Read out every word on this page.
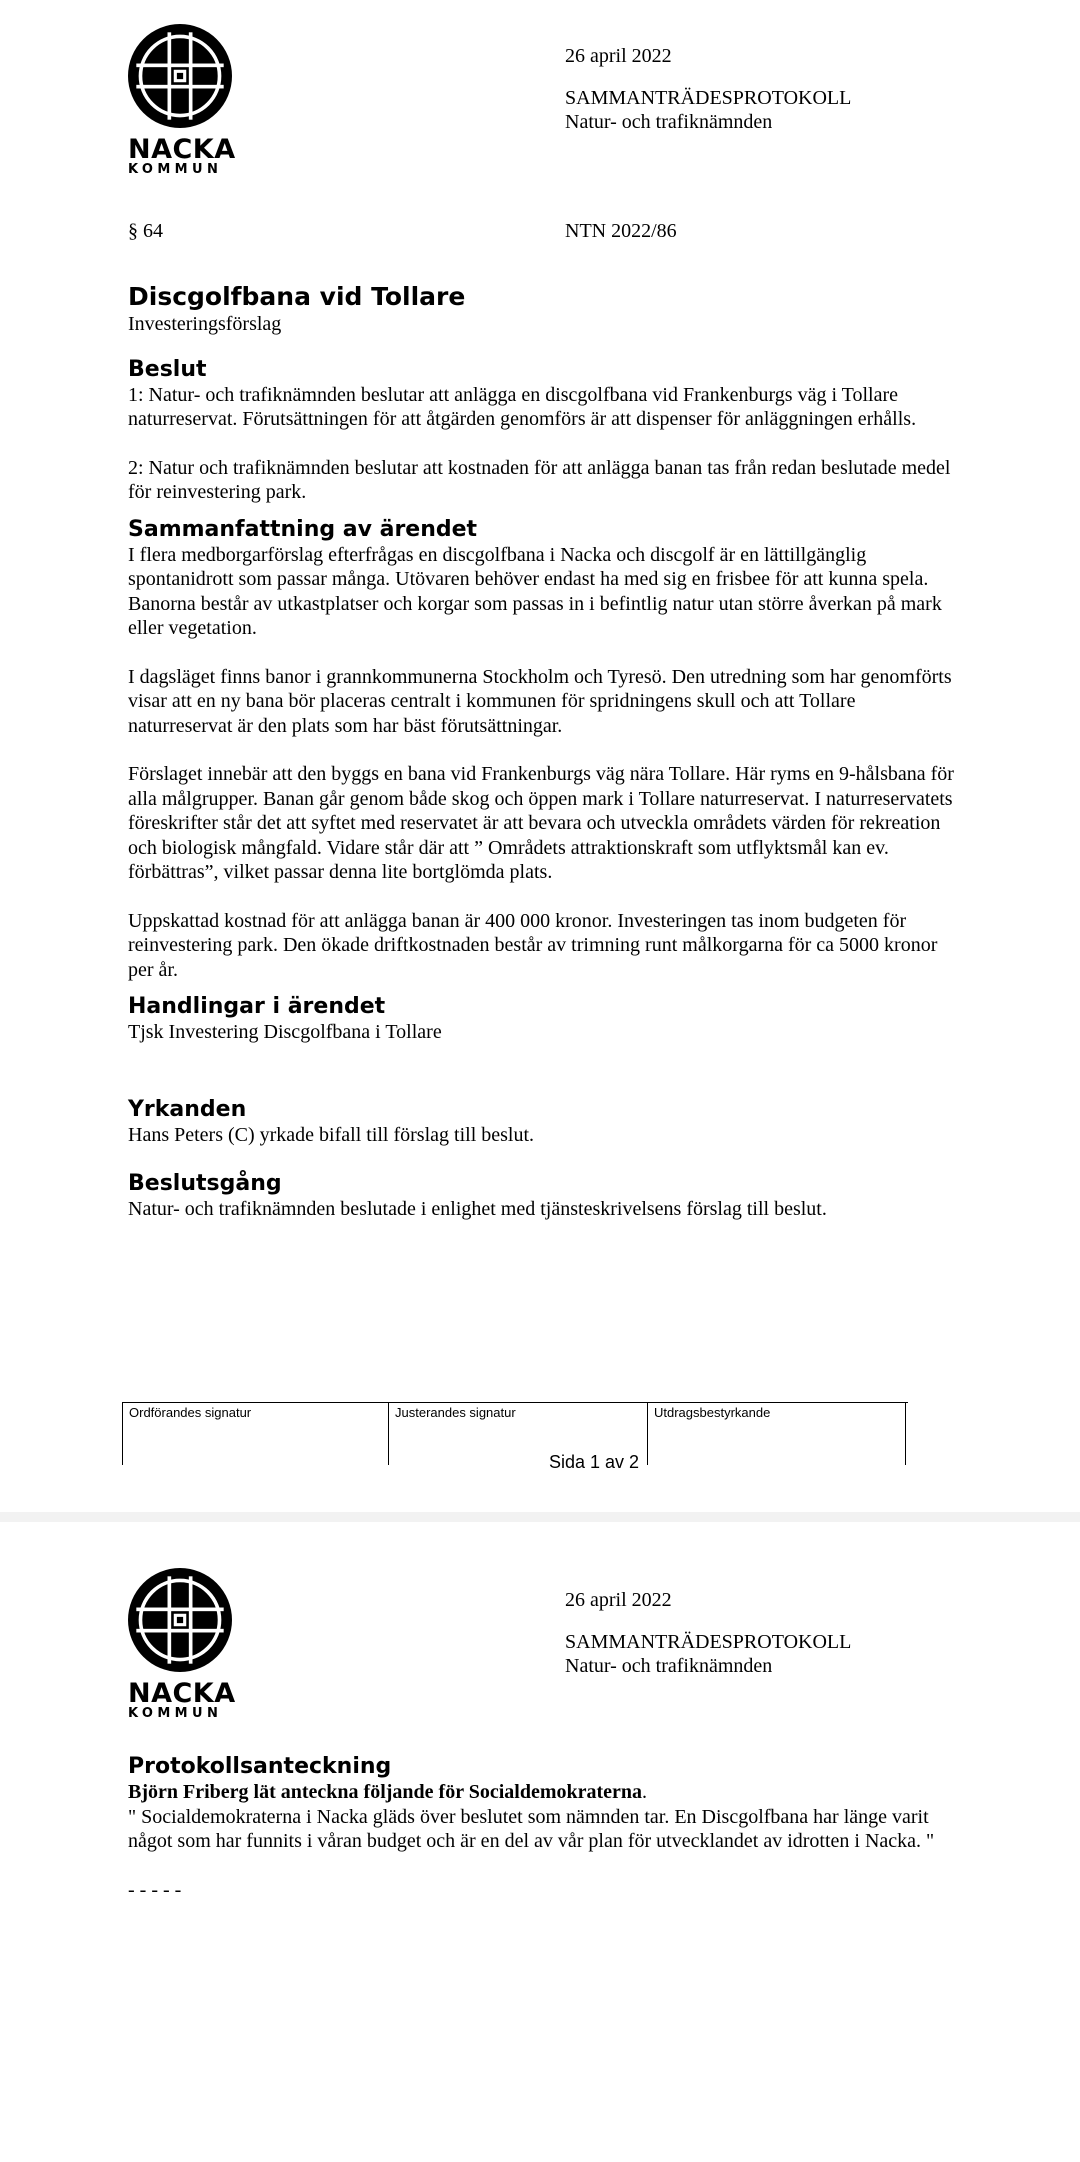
NACKA
KOMMUN
26 april 2022
SAMMANTRÄDESPROTOKOLL
Natur- och trafiknämnden
§ 64	NTN 2022/86
Discgolfbana vid Tollare

Investeringsförslag

Beslut

1: Natur- och trafiknämnden beslutar att anlägga en discgolfbana vid Frankenburgs väg i Tollare naturreservat. Förutsättningen för att åtgärden genomförs är att dispenser för anläggningen erhålls.

2: Natur och trafiknämnden beslutar att kostnaden för att anlägga banan tas från redan beslutade medel för reinvestering park.

Sammanfattning av ärendet

I flera medborgarförslag efterfrågas en discgolfbana i Nacka och discgolf är en lättillgänglig spontanidrott som passar många. Utövaren behöver endast ha med sig en frisbee för att kunna spela. Banorna består av utkastplatser och korgar som passas in i befintlig natur utan större åverkan på mark eller vegetation.

I dagsläget finns banor i grannkommunerna Stockholm och Tyresö. Den utredning som har genomförts visar att en ny bana bör placeras centralt i kommunen för spridningens skull och att Tollare naturreservat är den plats som har bäst förutsättningar.

Förslaget innebär att den byggs en bana vid Frankenburgs väg nära Tollare. Här ryms en 9-hålsbana för alla målgrupper. Banan går genom både skog och öppen mark i Tollare naturreservat. I naturreservatets föreskrifter står det att syftet med reservatet är att bevara och utveckla områdets värden för rekreation och biologisk mångfald. Vidare står där att ” Områdets attraktionskraft som utflyktsmål kan ev. förbättras”, vilket passar denna lite bortglömda plats.

Uppskattad kostnad för att anlägga banan är 400 000 kronor. Investeringen tas inom budgeten för reinvestering park. Den ökade driftkostnaden består av trimning runt målkorgarna för ca 5000 kronor per år.

Handlingar i ärendet

Tjsk Investering Discgolfbana i Tollare

Yrkanden

Hans Peters (C) yrkade bifall till förslag till beslut.

Beslutsgång

Natur- och trafiknämnden beslutade i enlighet med tjänsteskrivelsens förslag till beslut.

Ordförandes signatur	Justerandes signatur	Utdragsbestyrkande
Sida 1 av 2
NACKA
KOMMUN
26 april 2022
SAMMANTRÄDESPROTOKOLL
Natur- och trafiknämnden
Protokollsanteckning

Björn Friberg lät anteckna följande för Socialdemokraterna.

" Socialdemokraterna i Nacka gläds över beslutet som nämnden tar. En Discgolfbana har länge varit något som har funnits i våran budget och är en del av vår plan för utvecklandet av idrotten i Nacka. "

- - - - -
